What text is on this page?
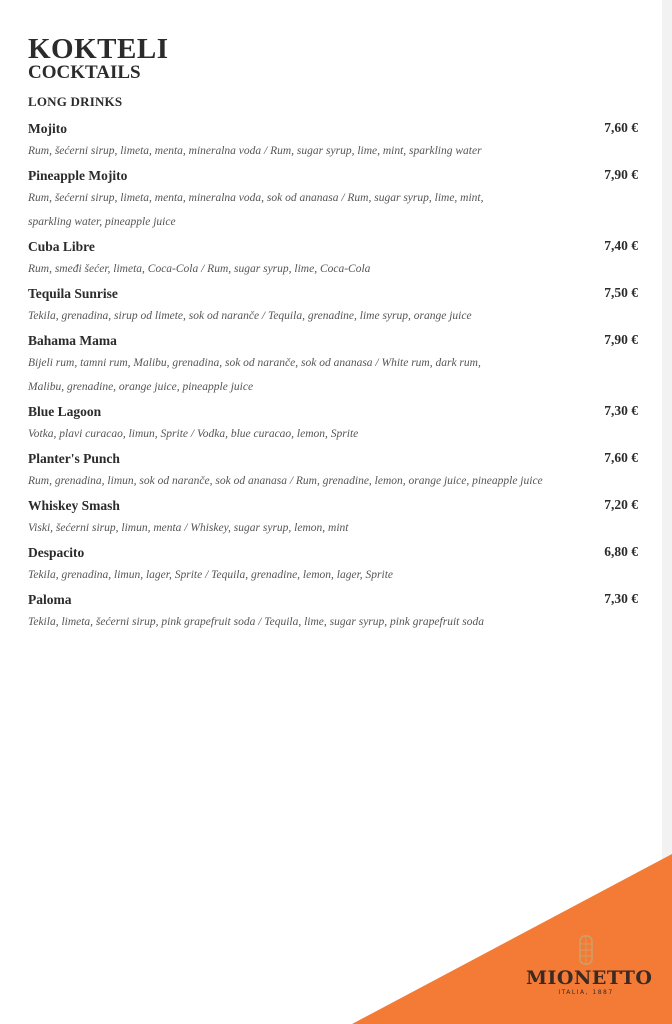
KOKTELI
COCKTAILS
LONG DRINKS
Mojito	7,60 €
Rum, šećerni sirup, limeta, menta, mineralna voda / Rum, sugar syrup, lime, mint, sparkling water
Pineapple Mojito	7,90 €
Rum, šećerni sirup, limeta, menta, mineralna voda, sok od ananasa / Rum, sugar syrup, lime, mint, sparkling water, pineapple juice
Cuba Libre	7,40 €
Rum, smeđi šećer, limeta, Coca-Cola / Rum, sugar syrup, lime, Coca-Cola
Tequila Sunrise	7,50 €
Tekila, grenadina, sirup od limete, sok od naranče / Tequila, grenadine, lime syrup, orange juice
Bahama Mama	7,90 €
Bijeli rum, tamni rum, Malibu, grenadina, sok od naranče, sok od ananasa / White rum, dark rum, Malibu, grenadine, orange juice, pineapple juice
Blue Lagoon	7,30 €
Votka, plavi curacao, limun, Sprite / Vodka, blue curacao, lemon, Sprite
Planter's Punch	7,60 €
Rum, grenadina, limun, sok od naranče, sok od ananasa / Rum, grenadine, lemon, orange juice, pineapple juice
Whiskey Smash	7,20 €
Viski, šećerni sirup, limun, menta / Whiskey, sugar syrup, lemon, mint
Despacito	6,80 €
Tekila, grenadina, limun, lager, Sprite / Tequila, grenadine, lemon, lager, Sprite
Paloma	7,30 €
Tekila, limeta, šećerni sirup, pink grapefruit soda / Tequila, lime, sugar syrup, pink grapefruit soda
MIONETTO
ITALIA, 1887
